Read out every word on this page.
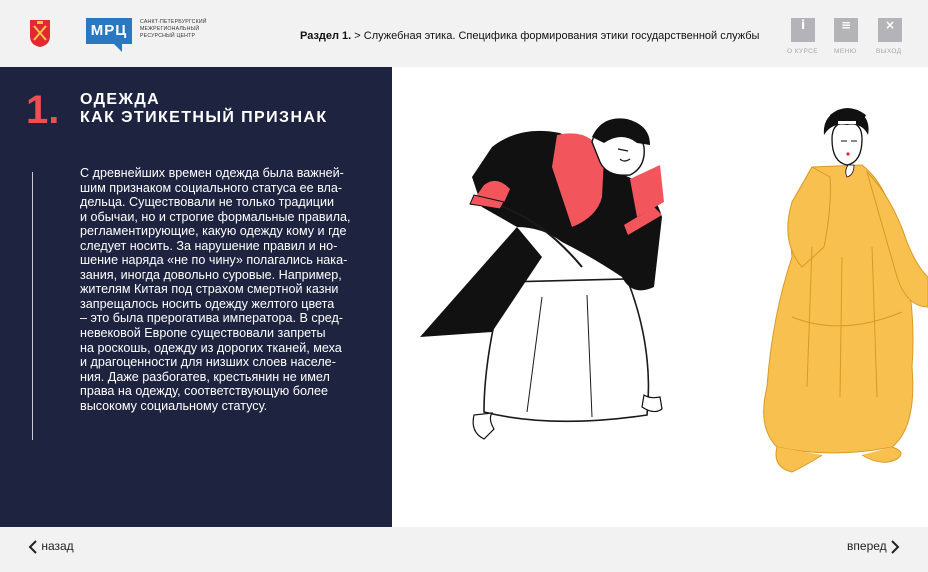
МРЦ	САНКТ-ПЕТЕРБУРГСКИЙ
МЕЖРЕГИОНАЛЬНЫЙ
РЕСУРСНЫЙ ЦЕНТР	Раздел 1. > Служебная этика. Специфика формирования этики государственной службы
i
О КУРСЕ
≡
МЕНЮ
×
ВЫХОД
1. ОДЕЖДА
КАК ЭТИКЕТНЫЙ ПРИЗНАК
С древнейших времен одежда была важней-
шим признаком социального статуса ее вла-
дельца. Существовали не только традиции
и обычаи, но и строгие формальные правила,
регламентирующие, какую одежду кому и где
следует носить. За нарушение правил и но-
шение наряда «не по чину» полагались нака-
зания, иногда довольно суровые. Например,
жителям Китая под страхом смертной казни
запрещалось носить одежду желтого цвета
– это была прерогатива императора. В сред-
невековой Европе существовали запреты
на роскошь, одежду из дорогих тканей, меха
и драгоценности для низших слоев населе-
ния. Даже разбогатев, крестьянин не имел
права на одежду, соответствующую более
высокому социальному статусу.
назад	вперед
